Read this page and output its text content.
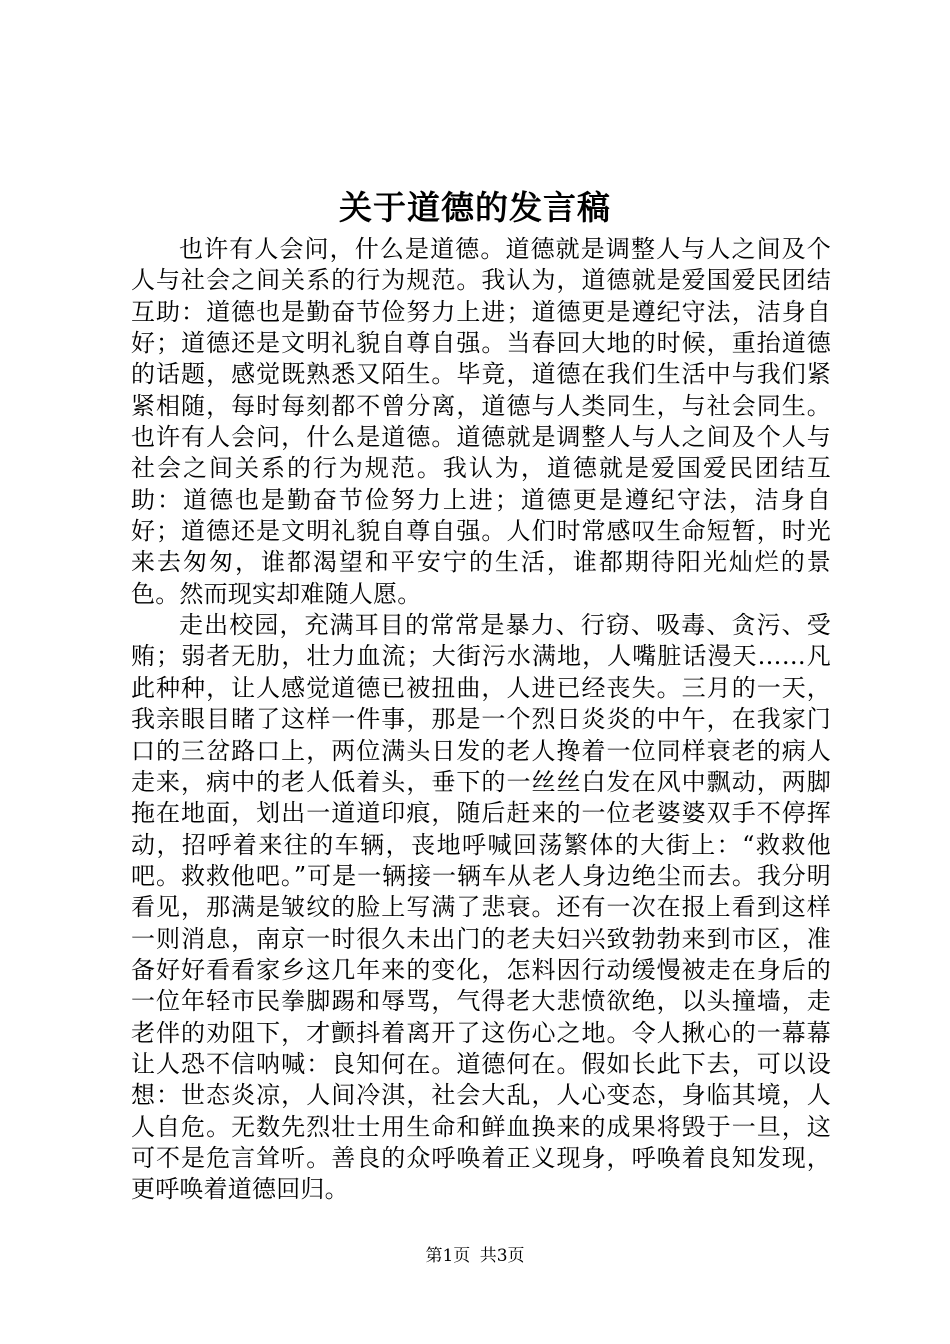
关于道德的发言稿

也许有人会问，什么是道德。道德就是调整人与人之间及个人与社会之间关系的行为规范。我认为，道德就是爱国爱民团结互助：道德也是勤奋节俭努力上进；道德更是遵纪守法，洁身自好；道德还是文明礼貌自尊自强。当春回大地的时候，重抬道德的话题，感觉既熟悉又陌生。毕竟，道德在我们生活中与我们紧紧相随，每时每刻都不曾分离，道德与人类同生，与社会同生。也许有人会问，什么是道德。道德就是调整人与人之间及个人与社会之间关系的行为规范。我认为，道德就是爱国爱民团结互助：道德也是勤奋节俭努力上进；道德更是遵纪守法，洁身自好；道德还是文明礼貌自尊自强。人们时常感叹生命短暂，时光来去匆匆，谁都渴望和平安宁的生活，谁都期待阳光灿烂的景色。然而现实却难随人愿。

走出校园，充满耳目的常常是暴力、行窃、吸毒、贪污、受贿；弱者无肋，壮力血流；大街污水满地，人嘴脏话漫天……凡此种种，让人感觉道德已被扭曲，人进已经丧失。三月的一天，我亲眼目睹了这样一件事，那是一个烈日炎炎的中午，在我家门口的三岔路口上，两位满头日发的老人搀着一位同样衰老的病人走来，病中的老人低着头，垂下的一丝丝白发在风中飘动，两脚拖在地面，划出一道道印痕，随后赶来的一位老婆婆双手不停挥动，招呼着来往的车辆，丧地呼喊回荡繁体的大街上：“救救他吧。救救他吧。”可是一辆接一辆车从老人身边绝尘而去。我分明看见，那满是皱纹的脸上写满了悲衰。还有一次在报上看到这样一则消息，南京一时很久未出门的老夫妇兴致勃勃来到市区，准备好好看看家乡这几年来的变化，怎料因行动缓慢被走在身后的一位年轻市民拳脚踢和辱骂，气得老大悲愤欲绝，以头撞墙，走老伴的劝阻下，才颤抖着离开了这伤心之地。令人揪心的一幕幕让人恐不信呐喊：良知何在。道德何在。假如长此下去，可以设想：世态炎凉，人间冷淇，社会大乱，人心变态，身临其境，人人自危。无数先烈壮士用生命和鲜血换来的成果将毁于一旦，这可不是危言耸听。善良的众呼唤着正义现身，呼唤着良知发现，更呼唤着道德回归。

第1页 共3页
